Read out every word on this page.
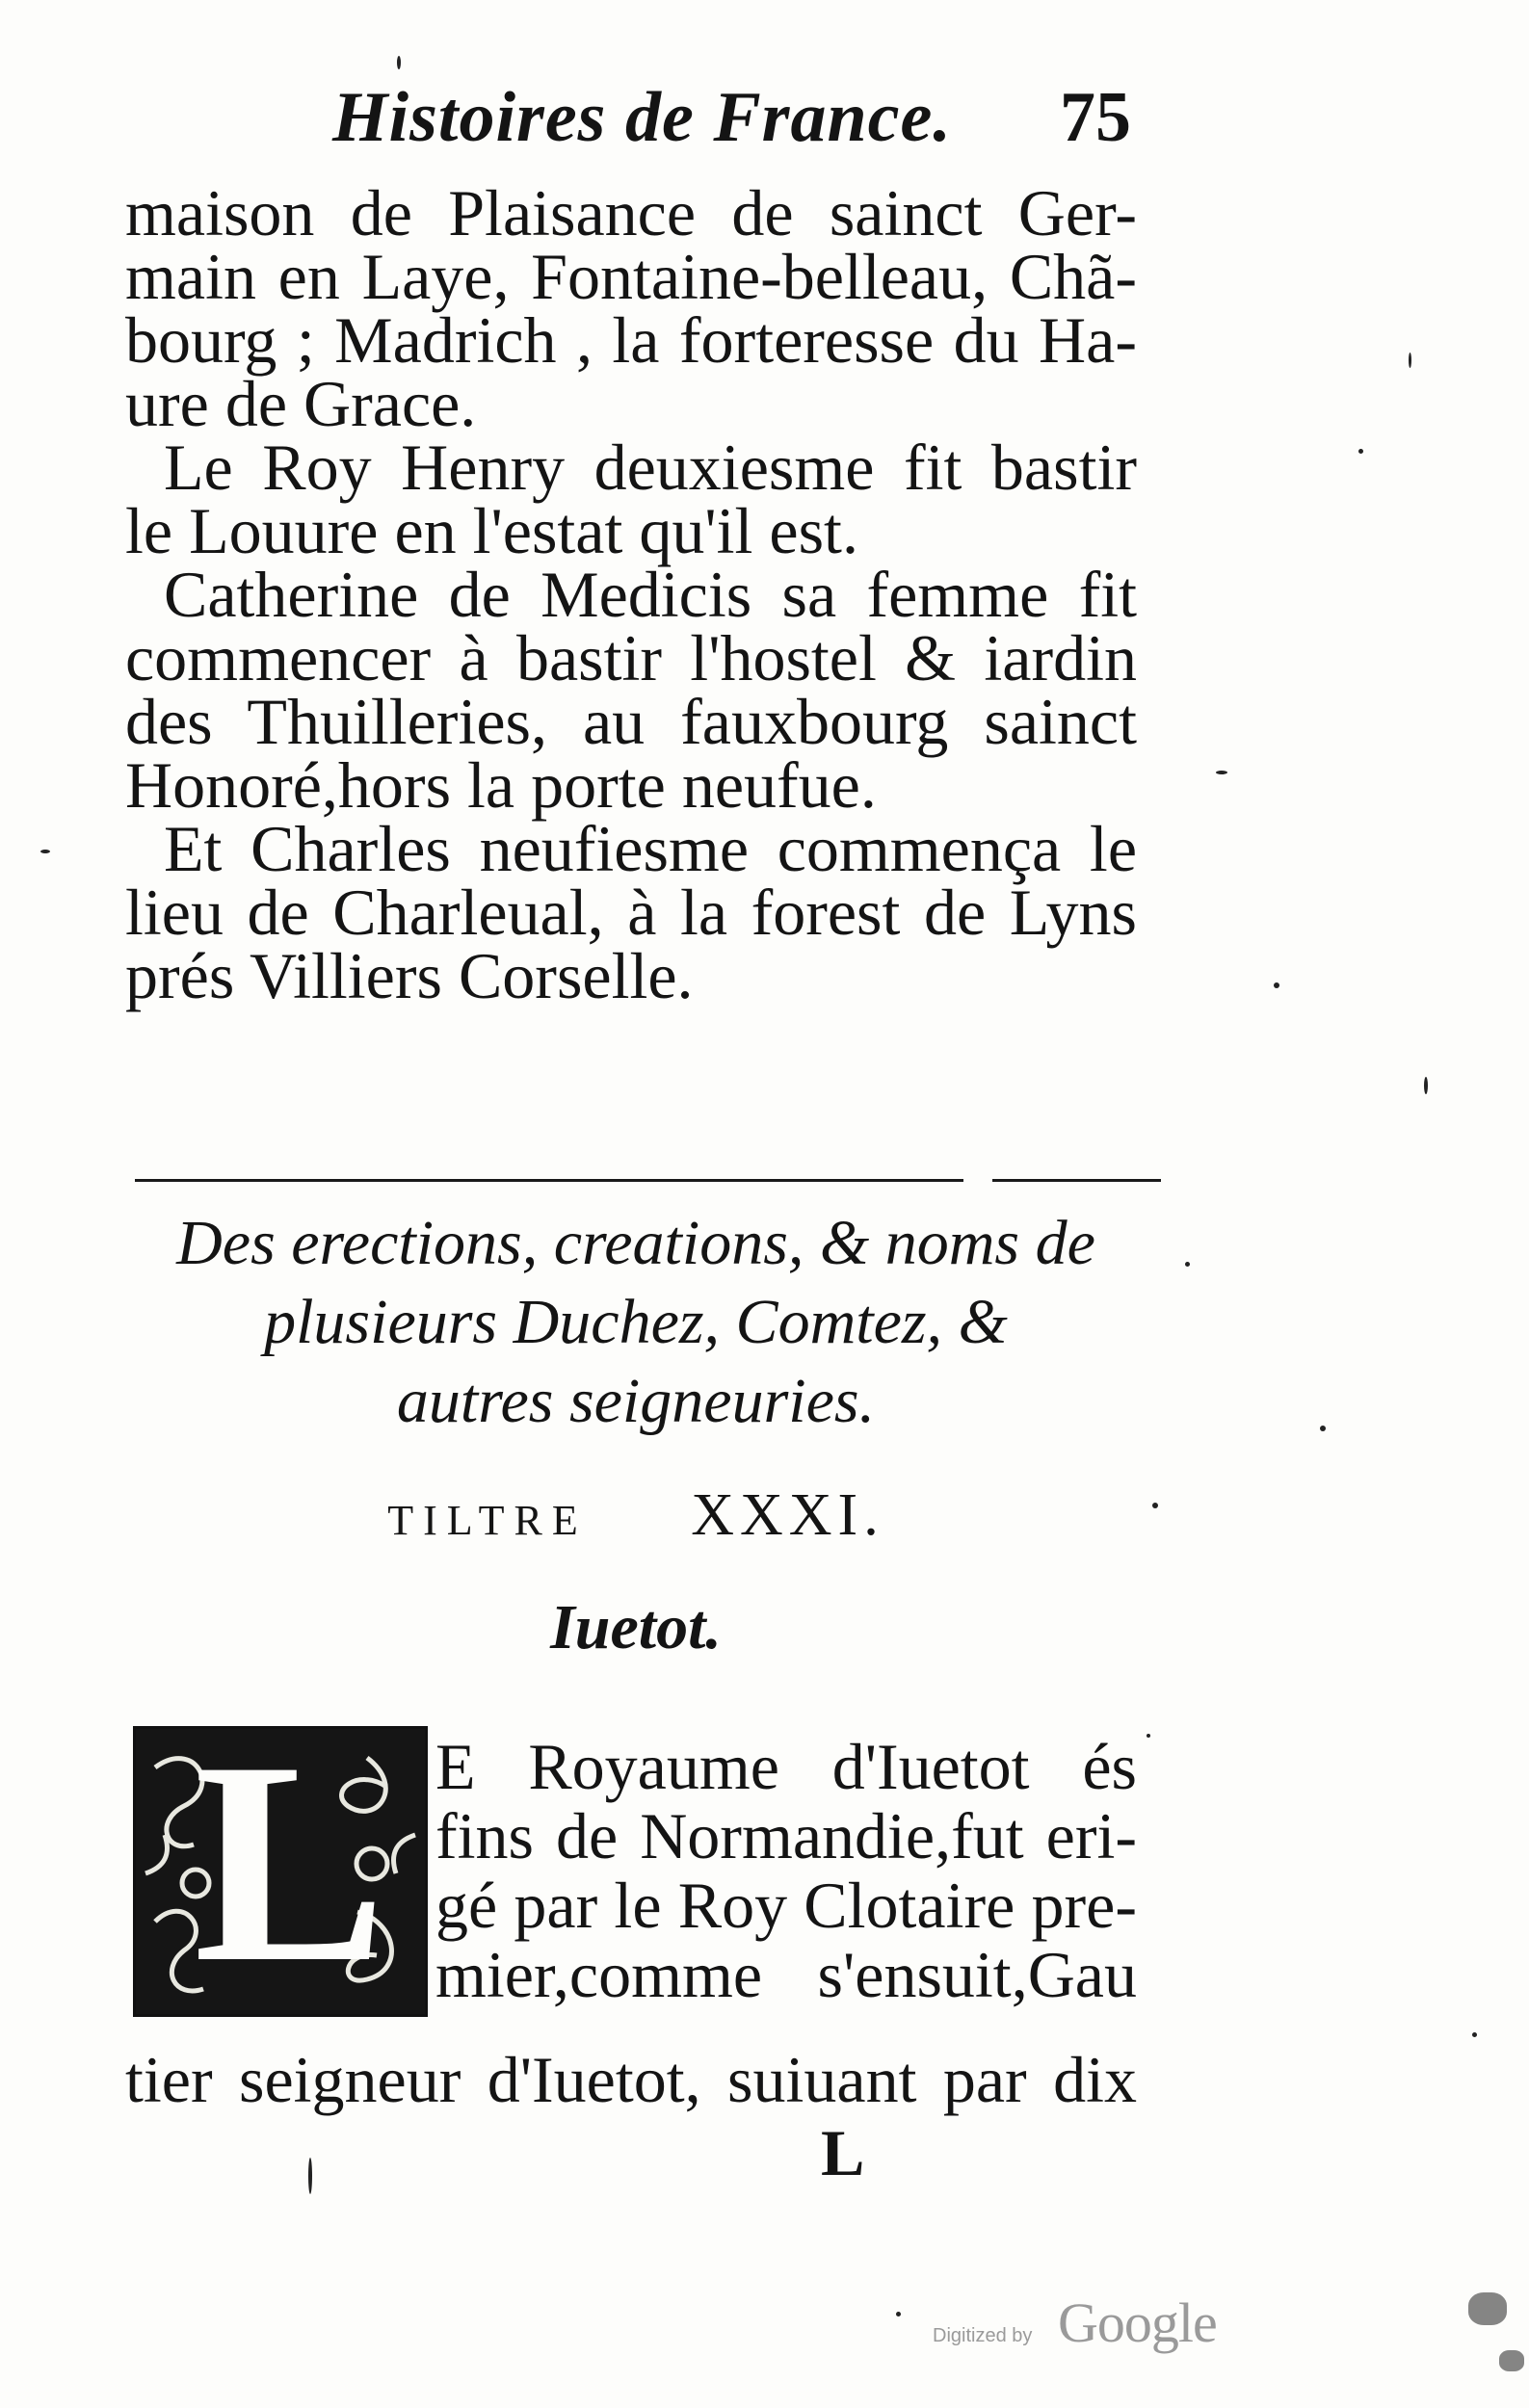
Histoires de France. 75
maison de Plaisance de sainct Ger-
main en Laye, Fontaine-belleau, Chã-
bourg ; Madrich , la forteresse du Ha-
ure de Grace.
Le Roy Henry deuxiesme fit bastir
le Louure en l'estat qu'il est.
Catherine de Medicis sa femme fit
commencer à bastir l'hostel & iardin
des Thuilleries, au fauxbourg sainct
Honoré,hors la porte neufue.
Et Charles neufiesme commença le
lieu de Charleual, à la forest de Lyns
prés Villiers Corselle.
Des erections, creations, & noms de
plusieurs Duchez, Comtez, &
autres seigneuries.
TILTRE XXXI.
Iuetot.
L E Royaume d'Iuetot és
fins de Normandie,fut eri-
gé par le Roy Clotaire pre-
mier,comme s'ensuit,Gau
tier seigneur d'Iuetot, suiuant par dix
L
Digitized by Google
